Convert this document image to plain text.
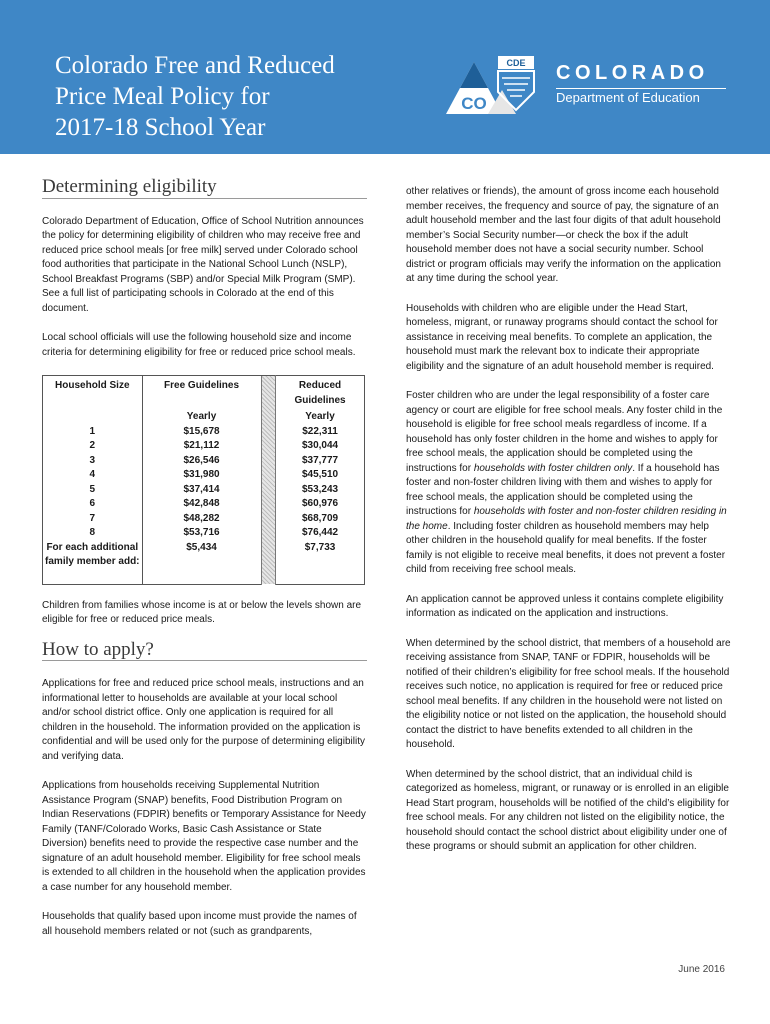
Colorado Free and Reduced
Price Meal Policy for
2017-18 School Year
CDE
CO
COLORADO
Department of Education
Determining eligibility

Colorado Department of Education, Office of School Nutrition announces the policy for determining eligibility of children who may receive free and reduced price school meals [or free milk] served under Colorado school food authorities that participate in the National School Lunch (NSLP), School Breakfast Programs (SBP) and/or Special Milk Program (SMP). See a full list of participating schools in Colorado at the end of this document.

Local school officials will use the following household size and income criteria for determining eligibility for free or reduced price school meals.

Household Size	Free Guidelines		Reduced Guidelines
	Yearly		Yearly
1	$15,678		$22,311
2	$21,112		$30,044
3	$26,546		$37,777
4	$31,980		$45,510
5	$37,414		$53,243
6	$42,848		$60,976
7	$48,282		$68,709
8	$53,716		$76,442
For each additional family member add:	$5,434		$7,733

Children from families whose income is at or below the levels shown are eligible for free or reduced price meals.

How to apply?

Applications for free and reduced price school meals, instructions and an informational letter to households are available at your local school and/or school district office. Only one application is required for all children in the household. The information provided on the application is confidential and will be used only for the purpose of determining eligibility and verifying data.

Applications from households receiving Supplemental Nutrition Assistance Program (SNAP) benefits, Food Distribution Program on Indian Reservations (FDPIR) benefits or Temporary Assistance for Needy Family (TANF/Colorado Works, Basic Cash Assistance or State Diversion) benefits need to provide the respective case number and the signature of an adult household member. Eligibility for free school meals is extended to all children in the household when the application provides a case number for any household member.

Households that qualify based upon income must provide the names of all household members related or not (such as grandparents,

other relatives or friends), the amount of gross income each household member receives, the frequency and source of pay, the signature of an adult household member and the last four digits of that adult household member’s Social Security number—or check the box if the adult household member does not have a social security number. School district or program officials may verify the information on the application at any time during the school year.

Households with children who are eligible under the Head Start, homeless, migrant, or runaway programs should contact the school for assistance in receiving meal benefits. To complete an application, the household must mark the relevant box to indicate their appropriate eligibility and the signature of an adult household member is required.

Foster children who are under the legal responsibility of a foster care agency or court are eligible for free school meals. Any foster child in the household is eligible for free school meals regardless of income. If a household has only foster children in the home and wishes to apply for free school meals, the application should be completed using the instructions for households with foster children only. If a household has foster and non-foster children living with them and wishes to apply for free school meals, the application should be completed using the instructions for households with foster and non-foster children residing in the home. Including foster children as household members may help other children in the household qualify for meal benefits. If the foster family is not eligible to receive meal benefits, it does not prevent a foster child from receiving free school meals.

An application cannot be approved unless it contains complete eligibility information as indicated on the application and instructions.

When determined by the school district, that members of a household are receiving assistance from SNAP, TANF or FDPIR, households will be notified of their children’s eligibility for free school meals. If the household receives such notice, no application is required for free or reduced price school meal benefits. If any children in the household were not listed on the eligibility notice or not listed on the application, the household should contact the district to have benefits extended to all children in the household.

When determined by the school district, that an individual child is categorized as homeless, migrant, or runaway or is enrolled in an eligible Head Start program, households will be notified of the child’s eligibility for free school meals. For any children not listed on the eligibility notice, the household should contact the school district about eligibility under one of these programs or should submit an application for other children.

June 2016
